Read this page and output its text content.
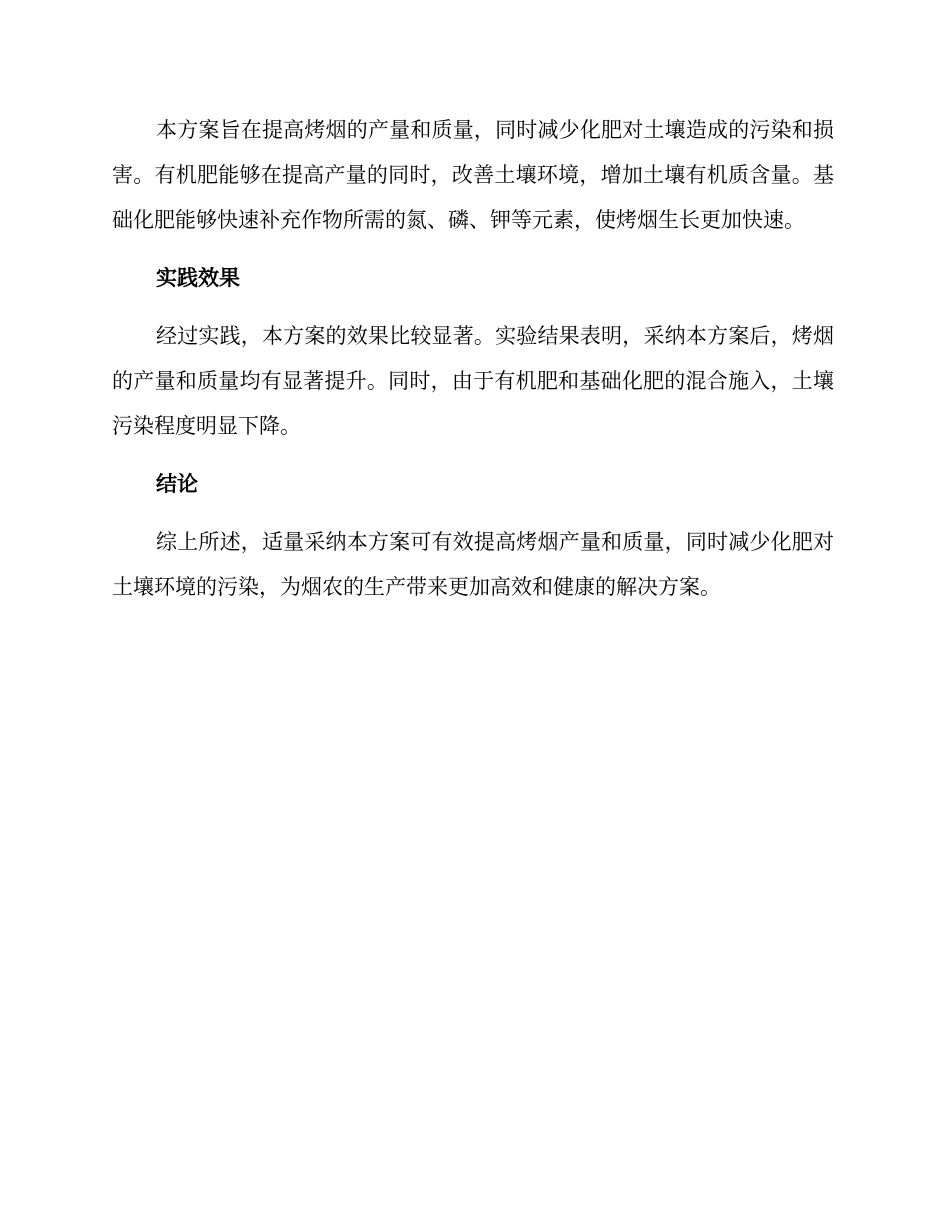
本方案旨在提高烤烟的产量和质量，同时减少化肥对土壤造成的污染和损害。有机肥能够在提高产量的同时，改善土壤环境，增加土壤有机质含量。基础化肥能够快速补充作物所需的氮、磷、钾等元素，使烤烟生长更加快速。

实践效果

经过实践，本方案的效果比较显著。实验结果表明，采纳本方案后，烤烟的产量和质量均有显著提升。同时，由于有机肥和基础化肥的混合施入，土壤污染程度明显下降。

结论

综上所述，适量采纳本方案可有效提高烤烟产量和质量，同时减少化肥对土壤环境的污染，为烟农的生产带来更加高效和健康的解决方案。
